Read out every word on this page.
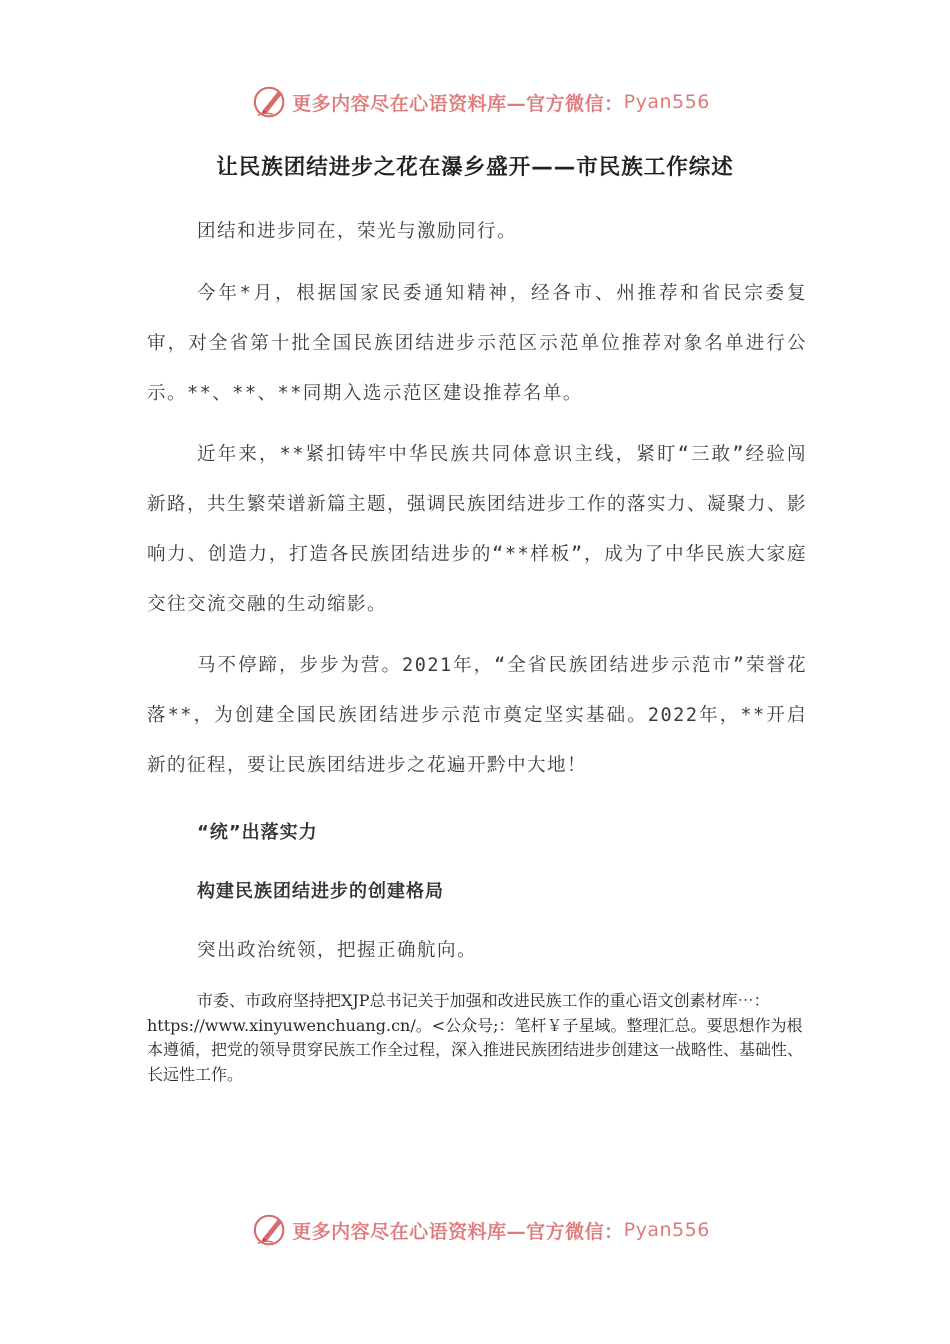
更多内容尽在心语资料库—官方微信： Pyan556
让民族团结进步之花在瀑乡盛开——市民族工作综述

团结和进步同在，荣光与激励同行。

今年*月，根据国家民委通知精神，经各市、州推荐和省民宗委复审，对全省第十批全国民族团结进步示范区示范单位推荐对象名单进行公示。**、**、**同期入选示范区建设推荐名单。

近年来，**紧扣铸牢中华民族共同体意识主线，紧盯“三敢”经验闯新路，共生繁荣谱新篇主题，强调民族团结进步工作的落实力、凝聚力、影响力、创造力，打造各民族团结进步的“**样板”，成为了中华民族大家庭交往交流交融的生动缩影。

马不停蹄，步步为营。2021年，“全省民族团结进步示范市”荣誉花落**，为创建全国民族团结进步示范市奠定坚实基础。2022年，**开启新的征程，要让民族团结进步之花遍开黔中大地！

“统”出落实力

构建民族团结进步的创建格局

突出政治统领，把握正确航向。

市委、市政府坚持把XJP总书记关于加强和改进民族工作的重心语文创素材库⋯：https://www.xinyuwenchuang.cn/。<公众号;：笔杆￥子星域。整理汇总。要思想作为根本遵循，把党的领导贯穿民族工作全过程，深入推进民族团结进步创建这一战略性、基础性、长远性工作。

更多内容尽在心语资料库—官方微信： Pyan556
